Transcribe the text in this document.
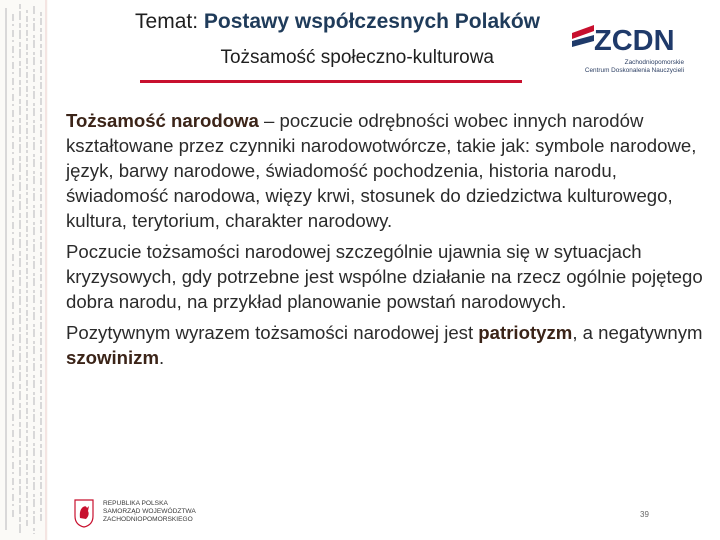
Temat: Postawy współczesnych Polaków
Tożsamość społeczno-kulturowa
ZCDN
Zachodniopomorskie
Centrum Doskonalenia Nauczycieli

Tożsamość narodowa – poczucie odrębności wobec innych narodów kształtowane przez czynniki narodowotwórcze, takie jak: symbole narodowe, język, barwy narodowe, świadomość pochodzenia, historia narodu, świadomość narodowa, więzy krwi, stosunek do dziedzictwa kulturowego, kultura, terytorium, charakter narodowy.

Poczucie tożsamości narodowej szczególnie ujawnia się w sytuacjach kryzysowych, gdy potrzebne jest wspólne działanie na rzecz ogólnie pojętego dobra narodu, na przykład planowanie powstań narodowych.

Pozytywnym wyrazem tożsamości narodowej jest patriotyzm, a negatywnym szowinizm.

REPUBLIKA POLSKA
SAMORZĄD WOJEWÓDZTWA
ZACHODNIOPOMORSKIEGO
39
